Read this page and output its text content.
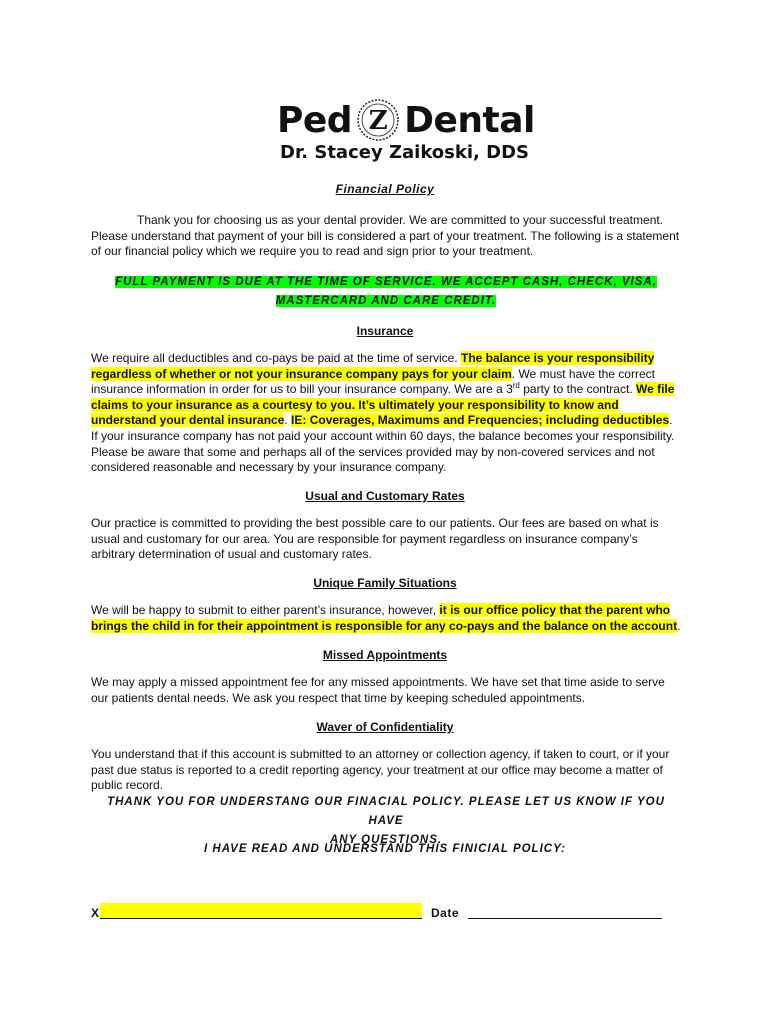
Ped Z Dental
Dr. Stacey Zaikoski, DDS
Financial Policy

Thank you for choosing us as your dental provider. We are committed to your successful treatment. Please understand that payment of your bill is considered a part of your treatment. The following is a statement of our financial policy which we require you to read and sign prior to your treatment.

FULL PAYMENT IS DUE AT THE TIME OF SERVICE. WE ACCEPT CASH, CHECK, VISA,
MASTERCARD AND CARE CREDIT.
Insurance

We require all deductibles and co-pays be paid at the time of service. The balance is your responsibility regardless of whether or not your insurance company pays for your claim. We must have the correct insurance information in order for us to bill your insurance company. We are a 3rd party to the contract. We file claims to your insurance as a courtesy to you. It’s ultimately your responsibility to know and understand your dental insurance. IE: Coverages, Maximums and Frequencies; including deductibles. If your insurance company has not paid your account within 60 days, the balance becomes your responsibility. Please be aware that some and perhaps all of the services provided may by non-covered services and not considered reasonable and necessary by your insurance company.

Usual and Customary Rates

Our practice is committed to providing the best possible care to our patients. Our fees are based on what is usual and customary for our area. You are responsible for payment regardless on insurance company’s arbitrary determination of usual and customary rates.

Unique Family Situations

We will be happy to submit to either parent’s insurance, however, it is our office policy that the parent who brings the child in for their appointment is responsible for any co-pays and the balance on the account.

Missed Appointments

We may apply a missed appointment fee for any missed appointments. We have set that time aside to serve our patients dental needs. We ask you respect that time by keeping scheduled appointments.

Waver of Confidentiality

You understand that if this account is submitted to an attorney or collection agency, if taken to court, or if your past due status is reported to a credit reporting agency, your treatment at our office may become a matter of public record.

THANK YOU FOR UNDERSTANG OUR FINACIAL POLICY. PLEASE LET US KNOW IF YOU HAVE
ANY QUESTIONS.
I HAVE READ AND UNDERSTAND THIS FINICIAL POLICY:
X	Date
